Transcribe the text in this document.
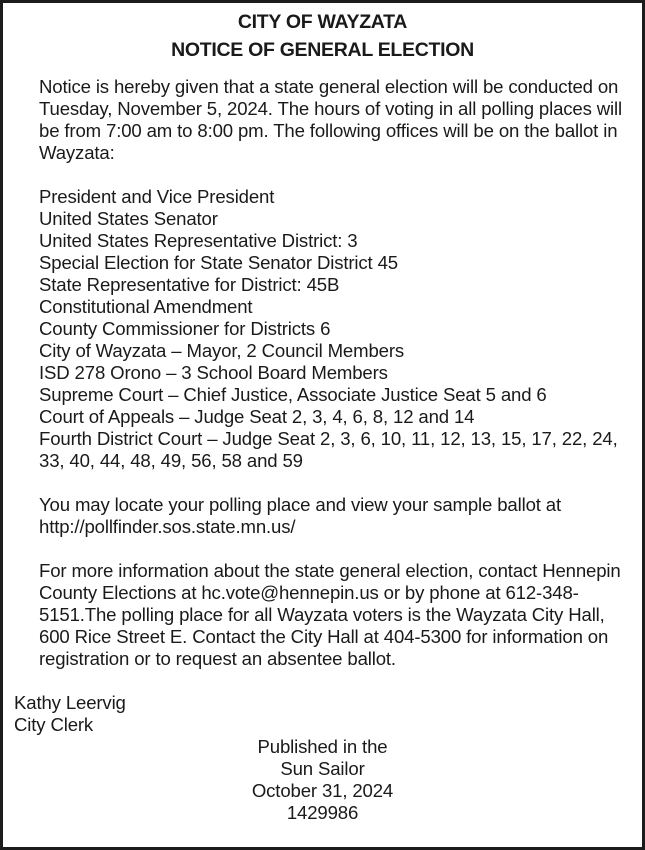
CITY OF WAYZATA
NOTICE OF GENERAL ELECTION

Notice is hereby given that a state general election will be conducted on Tuesday, November 5, 2024. The hours of voting in all polling places will be from 7:00 am to 8:00 pm. The following offices will be on the ballot in Wayzata:

President and Vice President
United States Senator
United States Representative District: 3
Special Election for State Senator District 45
State Representative for District: 45B
Constitutional Amendment
County Commissioner for Districts 6
City of Wayzata – Mayor, 2 Council Members
ISD 278 Orono – 3 School Board Members
Supreme Court – Chief Justice, Associate Justice Seat 5 and 6
Court of Appeals – Judge Seat 2, 3, 4, 6, 8, 12 and 14
Fourth District Court – Judge Seat 2, 3, 6, 10, 11, 12, 13, 15, 17, 22, 24, 33, 40, 44, 48, 49, 56, 58 and 59

You may locate your polling place and view your sample ballot at
http://pollfinder.sos.state.mn.us/

For more information about the state general election, contact Hennepin County Elections at hc.vote@hennepin.us or by phone at 612-348-5151.The polling place for all Wayzata voters is the Wayzata City Hall, 600 Rice Street E. Contact the City Hall at 404-5300 for information on registration or to request an absentee ballot.

Kathy Leervig
City Clerk
Published in the
Sun Sailor
October 31, 2024
1429986
